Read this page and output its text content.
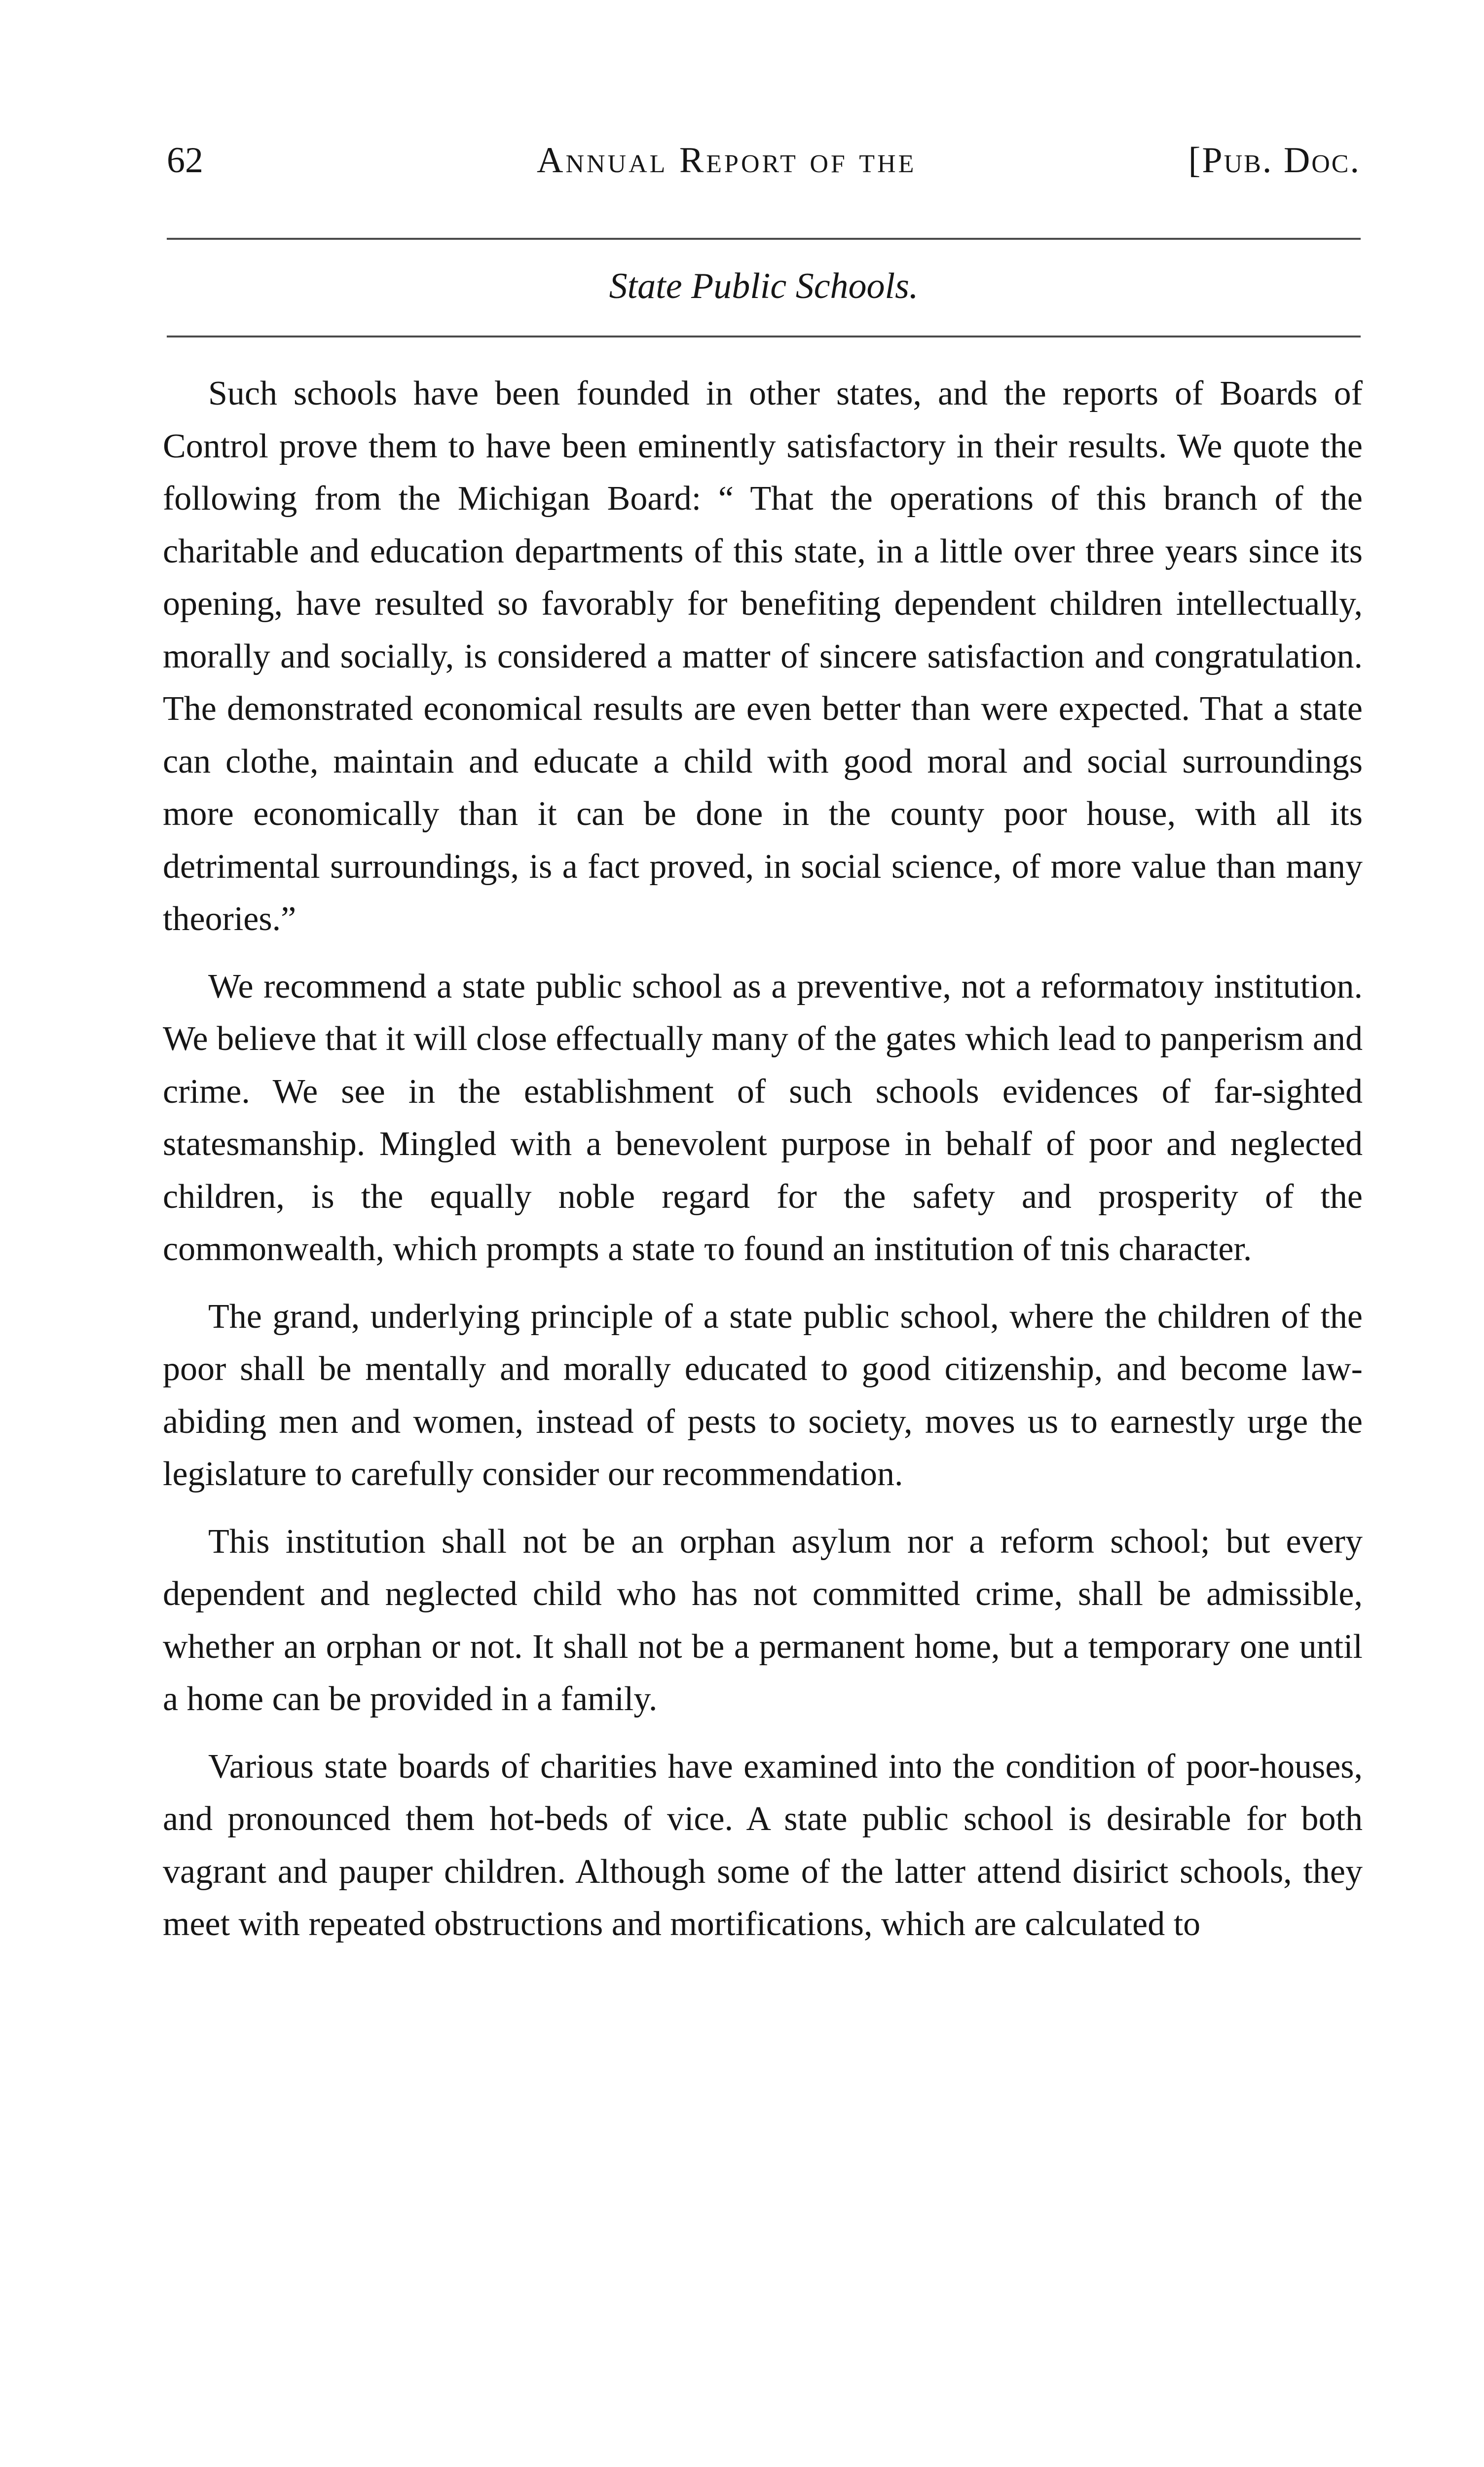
62	Annual Report of the	[Pub. Doc.
State Public Schools.

Such schools have been founded in other states, and the reports of Boards of Control prove them to have been eminently satisfactory in their results. We quote the following from the Michigan Board: “ That the operations of this branch of the charitable and education departments of this state, in a little over three years since its opening, have resulted so favorably for benefiting dependent children intellectually, morally and socially, is considered a matter of sincere satisfaction and congratulation. The demonstrated economical results are even better than were expected. That a state can clothe, maintain and educate a child with good moral and social surroundings more economically than it can be done in the county poor house, with all its detrimental surroundings, is a fact proved, in social science, of more value than many theories.”

We recommend a state public school as a preventive, not a reformatoιy institution. We believe that it will close effectually many of the gates which lead to panperism and crime. We see in the establishment of such schools evidences of far-sighted statesmanship. Mingled with a benevolent purpose in behalf of poor and neglected children, is the equally noble regard for the safety and prosperity of the commonwealth, which prompts a state το found an institution of tnis character.

The grand, underlying principle of a state public school, where the children of the poor shall be mentally and morally educated to good citizenship, and become law-abiding men and women, instead of pests to society, moves us to earnestly urge the legislature to carefully consider our recommendation.

This institution shall not be an orphan asylum nor a reform school; but every dependent and neglected child who has not committed crime, shall be admissible, whether an orphan or not. It shall not be a permanent home, but a temporary one until a home can be provided in a family.

Various state boards of charities have examined into the condition of poor-houses, and pronounced them hot-beds of vice. A state public school is desirable for both vagrant and pauper children. Although some of the latter attend disirict schools, they meet with repeated obstructions and mortifications, which are calculated to
